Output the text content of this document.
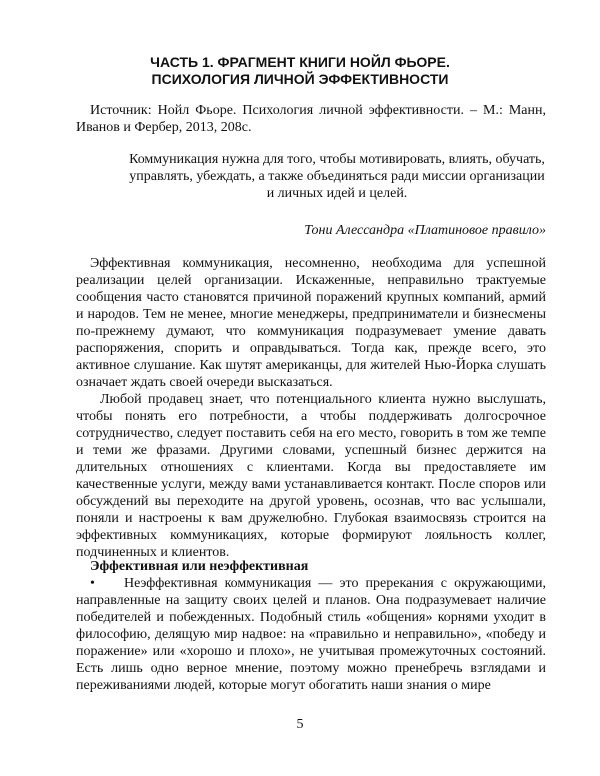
ЧАСТЬ 1. ФРАГМЕНТ КНИГИ НОЙЛ ФЬОРЕ.
ПСИХОЛОГИЯ ЛИЧНОЙ ЭФФЕКТИВНОСТИ

Источник: Нойл Фьоре. Психология личной эффективности. – М.: Манн, Иванов и Фербер, 2013, 208с.

Коммуникация нужна для того, чтобы мотивировать, влиять, обучать, управлять, убеждать, а также объединяться ради миссии организации и личных идей и целей.
Тони Алессандра «Платиновое правило»

Эффективная коммуникация, несомненно, необходима для успешной реализации целей организации. Искаженные, неправильно трактуемые сообщения часто становятся причиной поражений крупных компаний, армий и народов. Тем не менее, многие менеджеры, предприниматели и бизнесмены по-прежнему думают, что коммуникация подразумевает умение давать распоряжения, спорить и оправдываться. Тогда как, прежде всего, это активное слушание. Как шутят американцы, для жителей Нью-Йорка слушать означает ждать своей очереди высказаться.

Любой продавец знает, что потенциального клиента нужно выслушать, чтобы понять его потребности, а чтобы поддерживать долгосрочное сотрудничество, следует поставить себя на его место, говорить в том же темпе и теми же фразами. Другими словами, успешный бизнес держится на длительных отношениях с клиентами. Когда вы предоставляете им качественные услуги, между вами устанавливается контакт. После споров или обсуждений вы переходите на другой уровень, осознав, что вас услышали, поняли и настроены к вам дружелюбно. Глубокая взаимосвязь строится на эффективных коммуникациях, которые формируют лояльность коллег, подчиненных и клиентов.

Эффективная или неэффективная

• Неэффективная коммуникация — это пререкания с окружающими, направленные на защиту своих целей и планов. Она подразумевает наличие победителей и побежденных. Подобный стиль «общения» корнями уходит в философию, делящую мир надвое: на «правильно и неправильно», «победу и поражение» или «хорошо и плохо», не учитывая промежуточных состояний. Есть лишь одно верное мнение, поэтому можно пренебречь взглядами и переживаниями людей, которые могут обогатить наши знания о мире

5
